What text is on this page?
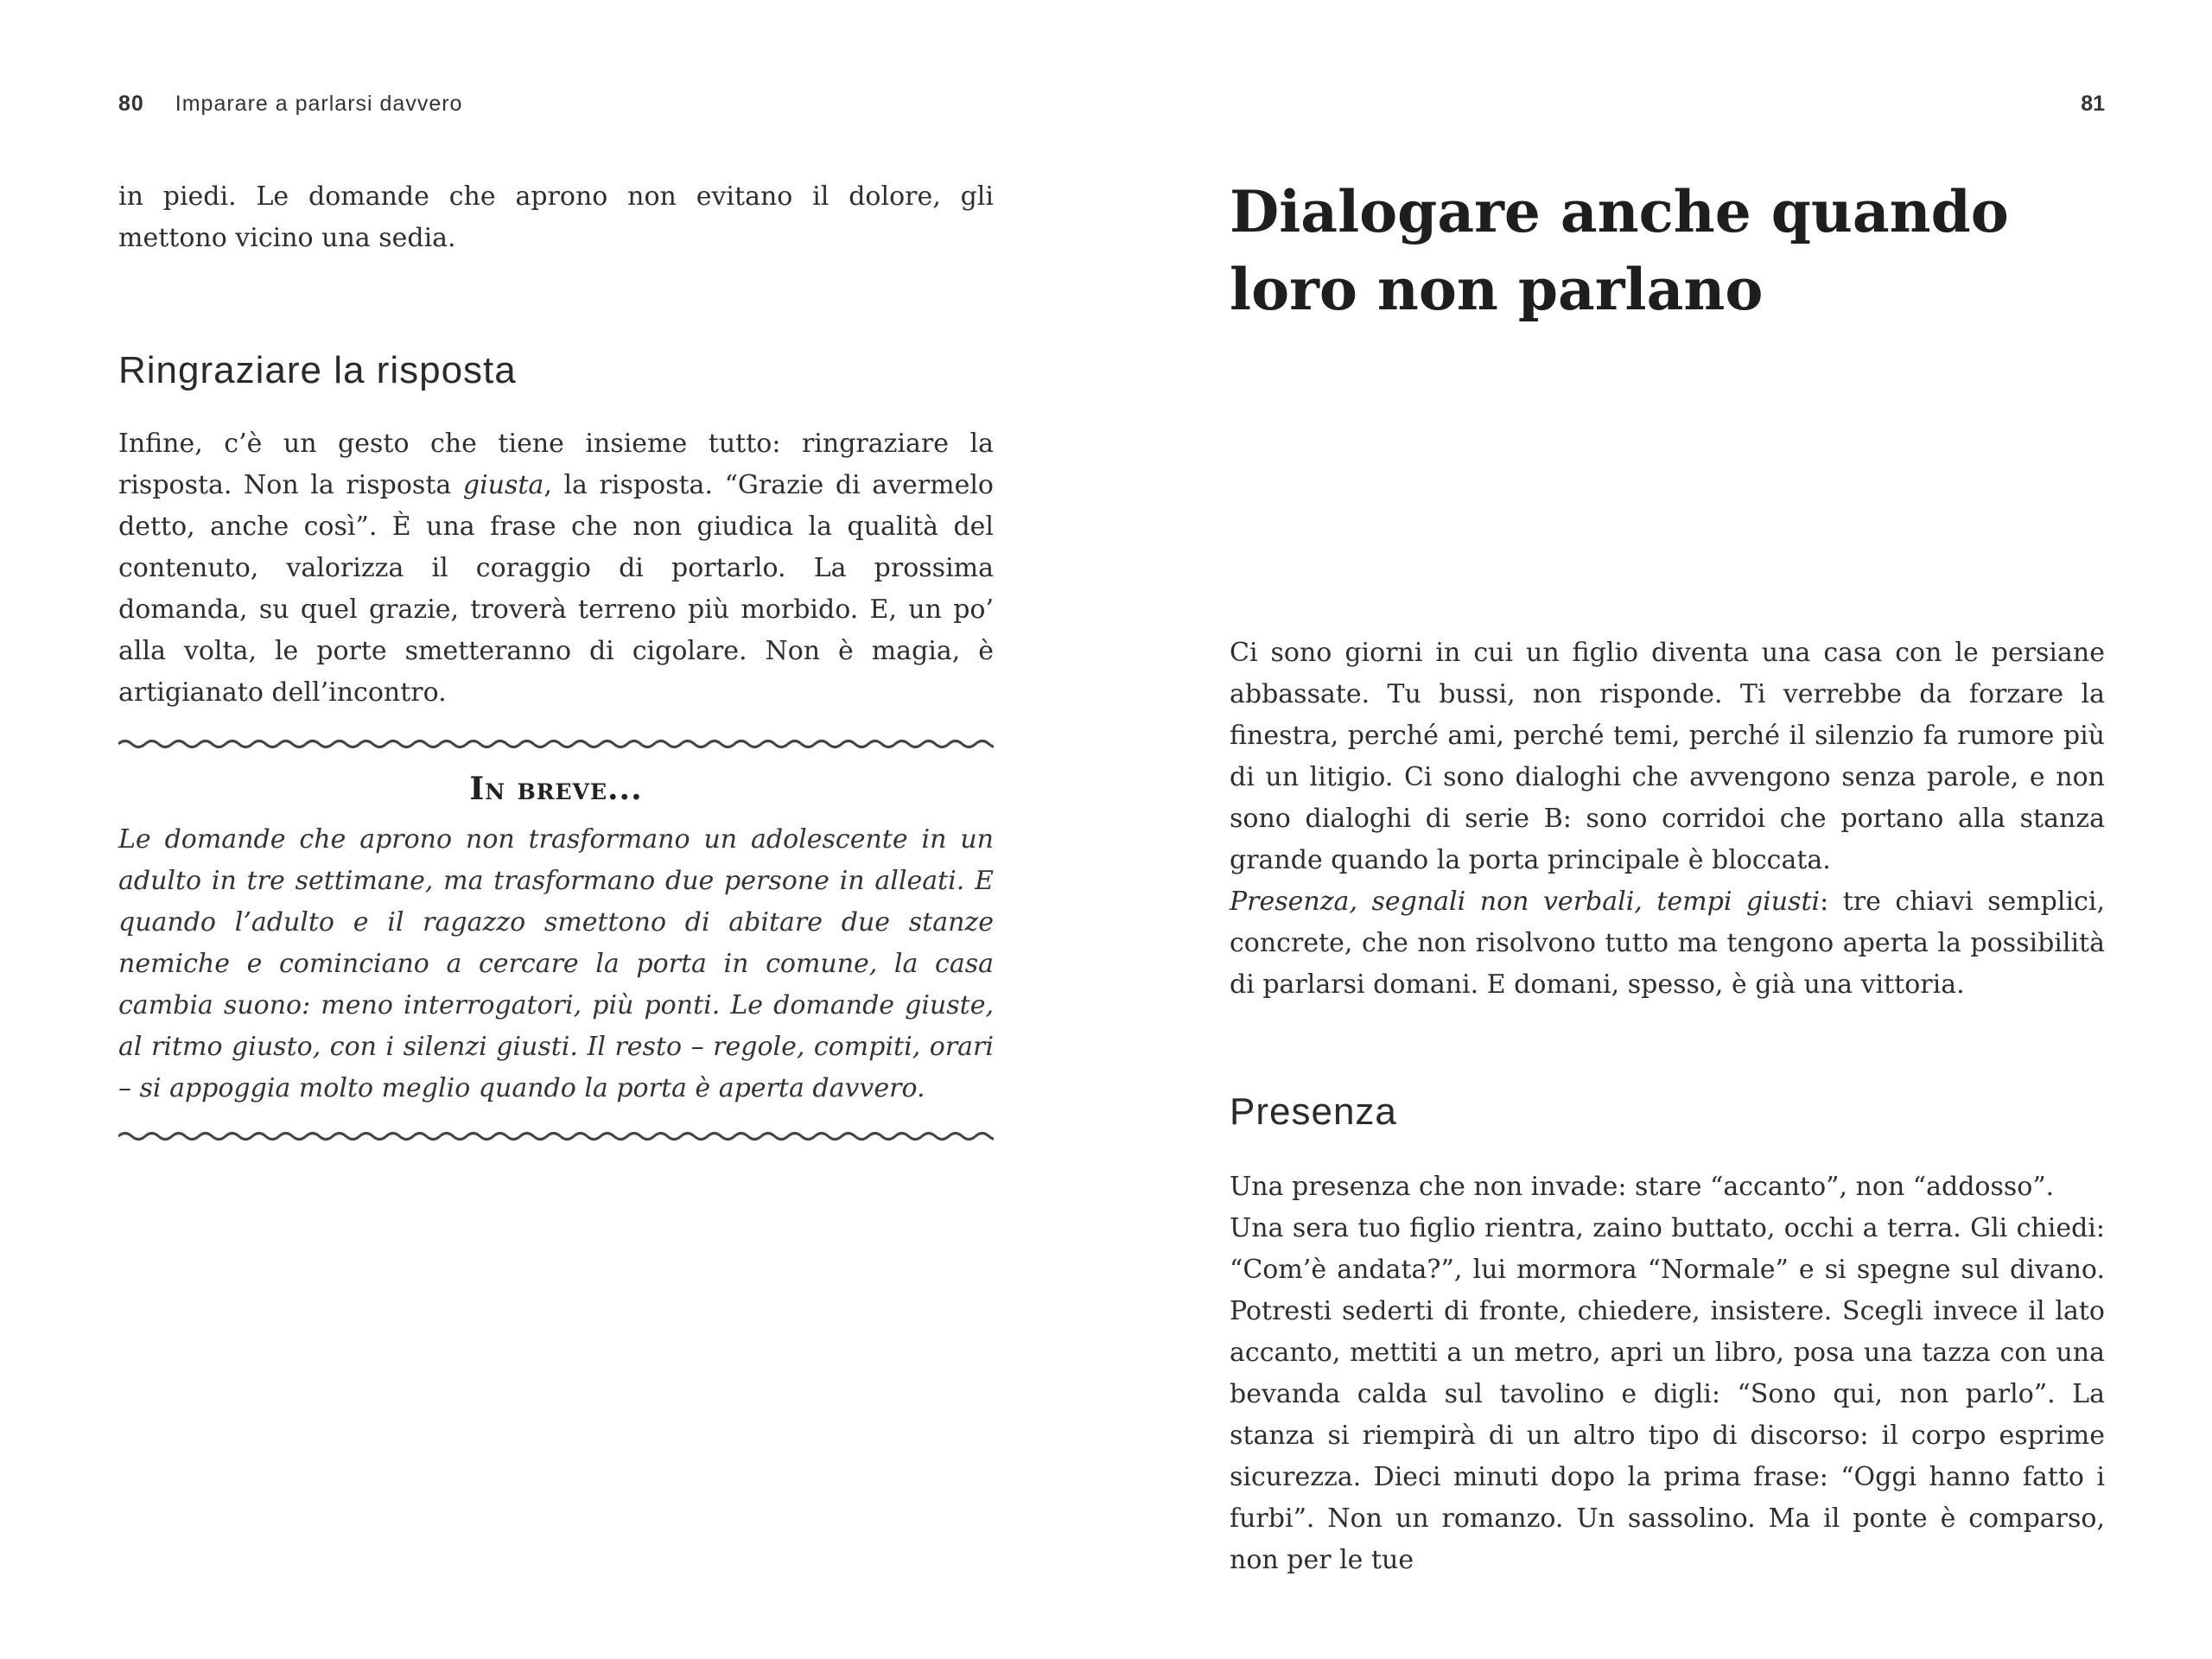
80 Imparare a parlarsi davvero

in piedi. Le domande che aprono non evitano il dolore, gli mettono vicino una sedia.

Ringraziare la risposta

Infine, c’è un gesto che tiene insieme tutto: ringraziare la risposta. Non la risposta giusta, la risposta. “Grazie di avermelo detto, anche così”. È una frase che non giudica la qualità del contenuto, valorizza il coraggio di portarlo. La prossima domanda, su quel grazie, troverà terreno più morbido. E, un po’ alla volta, le porte smetteranno di cigolare. Non è magia, è artigianato dell’incontro.

In breve...

Le domande che aprono non trasformano un adolescente in un adulto in tre settimane, ma trasformano due persone in alleati. E quando l’adulto e il ragazzo smettono di abitare due stanze nemiche e cominciano a cercare la porta in comune, la casa cambia suono: meno interrogatori, più ponti. Le domande giuste, al ritmo giusto, con i silenzi giusti. Il resto – regole, compiti, orari – si appoggia molto meglio quando la porta è aperta davvero.

81
Dialogare anche quando
loro non parlano

Ci sono giorni in cui un figlio diventa una casa con le persiane abbassate. Tu bussi, non risponde. Ti verrebbe da forzare la finestra, perché ami, perché temi, perché il silenzio fa rumore più di un litigio. Ci sono dialoghi che avvengono senza parole, e non sono dialoghi di serie B: sono corridoi che portano alla stanza grande quando la porta principale è bloccata.

Presenza, segnali non verbali, tempi giusti: tre chiavi semplici, concrete, che non risolvono tutto ma tengono aperta la possibilità di parlarsi domani. E domani, spesso, è già una vittoria.

Presenza

Una presenza che non invade: stare “accanto”, non “addosso”.

Una sera tuo figlio rientra, zaino buttato, occhi a terra. Gli chiedi: “Com’è andata?”, lui mormora “Normale” e si spegne sul divano. Potresti sederti di fronte, chiedere, insistere. Scegli invece il lato accanto, mettiti a un metro, apri un libro, posa una tazza con una bevanda calda sul tavolino e digli: “Sono qui, non parlo”. La stanza si riempirà di un altro tipo di discorso: il corpo esprime sicurezza. Dieci minuti dopo la prima frase: “Oggi hanno fatto i furbi”. Non un romanzo. Un sassolino. Ma il ponte è comparso, non per le tue
